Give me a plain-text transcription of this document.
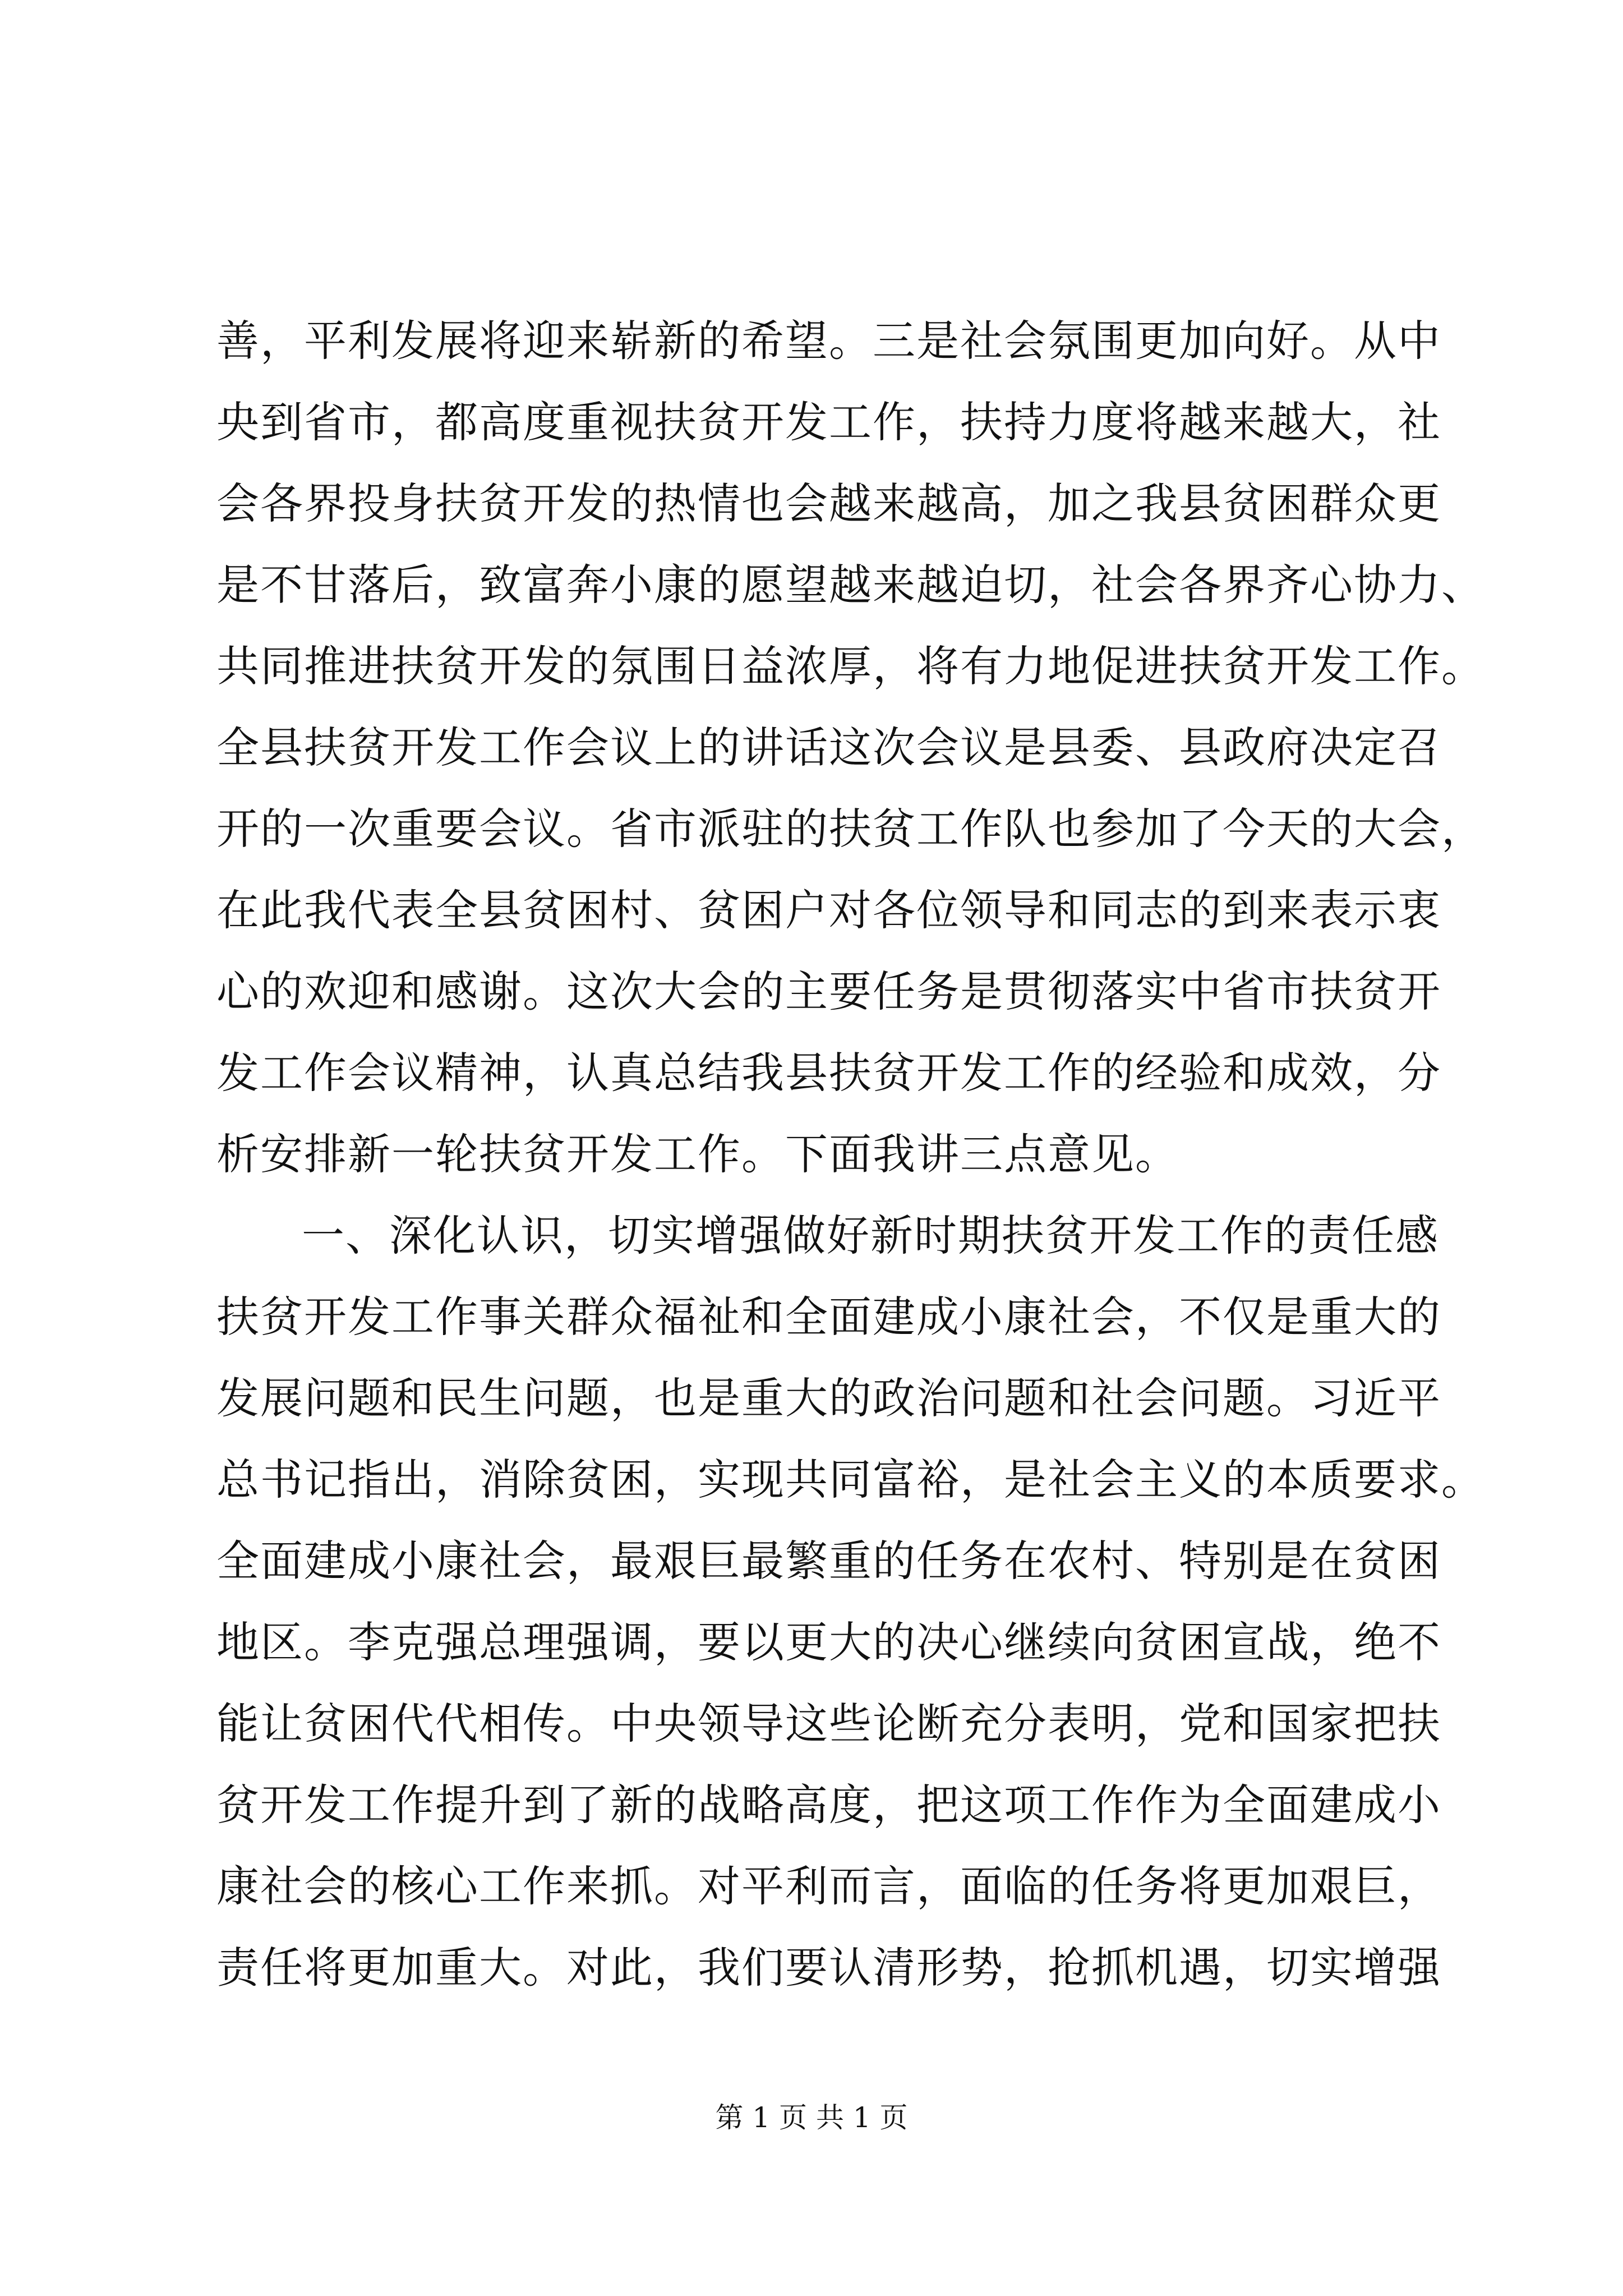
善，平利发展将迎来崭新的希望。三是社会氛围更加向好。从中
央到省市，都高度重视扶贫开发工作，扶持力度将越来越大，社
会各界投身扶贫开发的热情也会越来越高，加之我县贫困群众更
是不甘落后，致富奔小康的愿望越来越迫切，社会各界齐心协力、
共同推进扶贫开发的氛围日益浓厚，将有力地促进扶贫开发工作。
全县扶贫开发工作会议上的讲话这次会议是县委、县政府决定召
开的一次重要会议。省市派驻的扶贫工作队也参加了今天的大会，
在此我代表全县贫困村、贫困户对各位领导和同志的到来表示衷
心的欢迎和感谢。这次大会的主要任务是贯彻落实中省市扶贫开
发工作会议精神，认真总结我县扶贫开发工作的经验和成效，分
析安排新一轮扶贫开发工作。下面我讲三点意见。
一、深化认识，切实增强做好新时期扶贫开发工作的责任感
扶贫开发工作事关群众福祉和全面建成小康社会，不仅是重大的
发展问题和民生问题，也是重大的政治问题和社会问题。习近平
总书记指出，消除贫困，实现共同富裕，是社会主义的本质要求。
全面建成小康社会，最艰巨最繁重的任务在农村、特别是在贫困
地区。李克强总理强调，要以更大的决心继续向贫困宣战，绝不
能让贫困代代相传。中央领导这些论断充分表明，党和国家把扶
贫开发工作提升到了新的战略高度，把这项工作作为全面建成小
康社会的核心工作来抓。对平利而言，面临的任务将更加艰巨，
责任将更加重大。对此，我们要认清形势，抢抓机遇，切实增强
第 1 页 共 1 页
